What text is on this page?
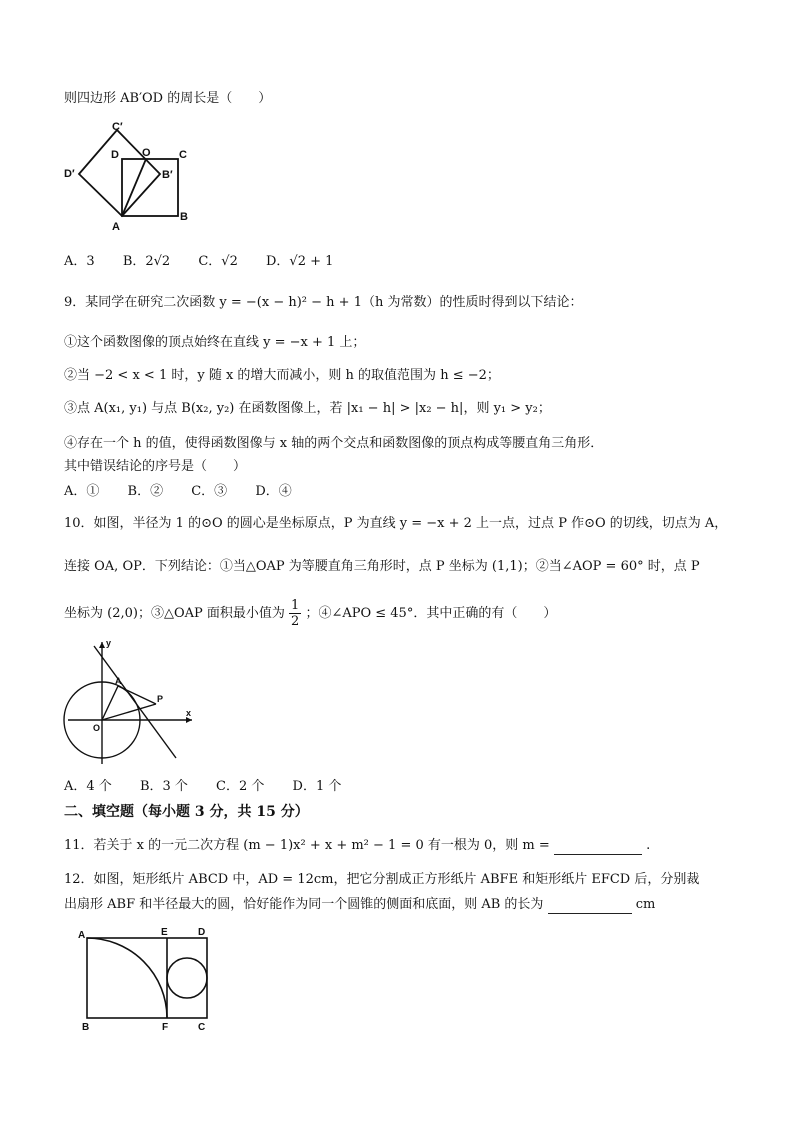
则四边形 AB′OD 的周长是（　　）
C′
D′
D O	C
B′
A
B
A．3 B．2√2 C．√2 D．√2 + 1
9．某同学在研究二次函数 y = −(x − h)² − h + 1（h 为常数）的性质时得到以下结论：
①这个函数图像的顶点始终在直线 y = −x + 1 上；
②当 −2 < x < 1 时，y 随 x 的增大而减小，则 h 的取值范围为 h ≤ −2；
③点 A(x₁, y₁) 与点 B(x₂, y₂) 在函数图像上，若 |x₁ − h| > |x₂ − h|，则 y₁ > y₂；
④存在一个 h 的值，使得函数图像与 x 轴的两个交点和函数图像的顶点构成等腰直角三角形．
其中错误结论的序号是（　　）
A．① B．② C．③ D．④
10．如图，半径为 1 的⊙O 的圆心是坐标原点，P 为直线 y = −x + 2 上一点，过点 P 作⊙O 的切线，切点为 A，
连接 OA, OP．下列结论：①当△OAP 为等腰直角三角形时，点 P 坐标为 (1,1)；②当∠AOP = 60° 时，点 P
坐标为 (2,0)；③△OAP 面积最小值为 $\frac{1}{2}$ ；④∠APO ≤ 45°．其中正确的有（　　）
y
x
O
A
P
A．4 个 B．3 个 C．2 个 D．1 个
二、填空题（每小题 3 分，共 15 分）
11．若关于 x 的一元二次方程 (m − 1)x² + x + m² − 1 = 0 有一根为 0，则 m =	.
12．如图，矩形纸片 ABCD 中，AD = 12cm，把它分割成正方形纸片 ABFE 和矩形纸片 EFCD 后，分别裁
出扇形 ABF 和半径最大的圆，恰好能作为同一个圆锥的侧面和底面，则 AB 的长为	cm
A	E	D
B	F	C
